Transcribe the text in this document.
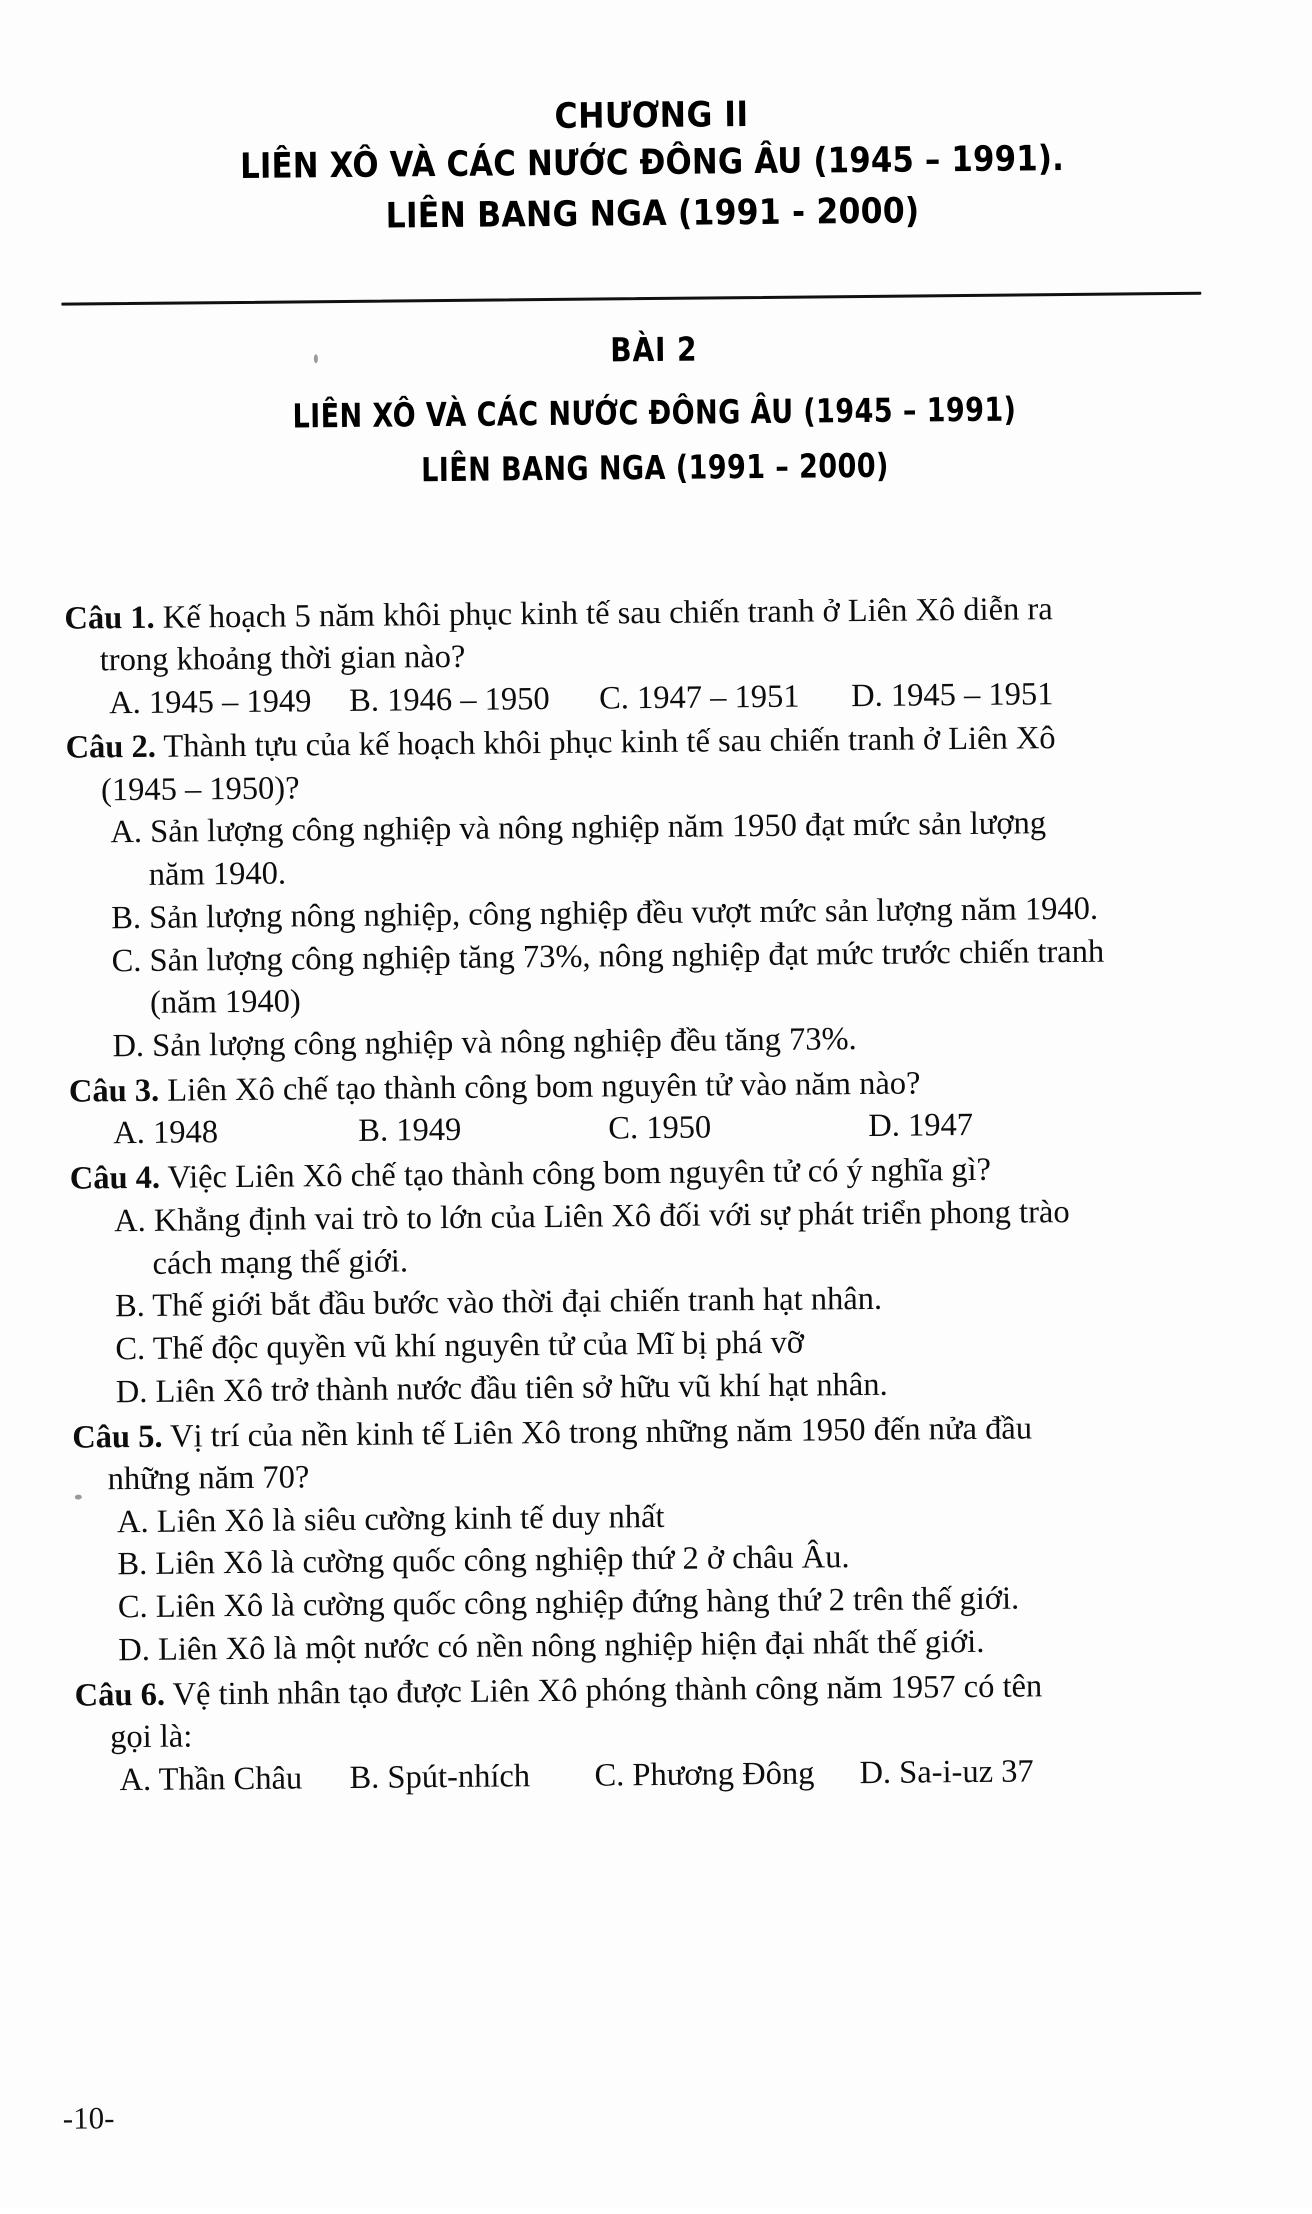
CHƯƠNG II
LIÊN XÔ VÀ CÁC NƯỚC ĐÔNG ÂU (1945 – 1991).
LIÊN BANG NGA (1991 - 2000)
BÀI 2
LIÊN XÔ VÀ CÁC NƯỚC ĐÔNG ÂU (1945 – 1991)
LIÊN BANG NGA (1991 – 2000)
Câu 1. Kế hoạch 5 năm khôi phục kinh tế sau chiến tranh ở Liên Xô diễn ra
trong khoảng thời gian nào?
A. 1945 – 1949 B. 1946 – 1950 C. 1947 – 1951 D. 1945 – 1951
Câu 2. Thành tựu của kế hoạch khôi phục kinh tế sau chiến tranh ở Liên Xô
(1945 – 1950)?
A. Sản lượng công nghiệp và nông nghiệp năm 1950 đạt mức sản lượng
năm 1940.
B. Sản lượng nông nghiệp, công nghiệp đều vượt mức sản lượng năm 1940.
C. Sản lượng công nghiệp tăng 73%, nông nghiệp đạt mức trước chiến tranh
(năm 1940)
D. Sản lượng công nghiệp và nông nghiệp đều tăng 73%.
Câu 3. Liên Xô chế tạo thành công bom nguyên tử vào năm nào?
A. 1948	B. 1949	C. 1950	D. 1947
Câu 4. Việc Liên Xô chế tạo thành công bom nguyên tử có ý nghĩa gì?
A. Khẳng định vai trò to lớn của Liên Xô đối với sự phát triển phong trào
cách mạng thế giới.
B. Thế giới bắt đầu bước vào thời đại chiến tranh hạt nhân.
C. Thế độc quyền vũ khí nguyên tử của Mĩ bị phá vỡ
D. Liên Xô trở thành nước đầu tiên sở hữu vũ khí hạt nhân.
Câu 5. Vị trí của nền kinh tế Liên Xô trong những năm 1950 đến nửa đầu
những năm 70?
A. Liên Xô là siêu cường kinh tế duy nhất
B. Liên Xô là cường quốc công nghiệp thứ 2 ở châu Âu.
C. Liên Xô là cường quốc công nghiệp đứng hàng thứ 2 trên thế giới.
D. Liên Xô là một nước có nền nông nghiệp hiện đại nhất thế giới.
Câu 6. Vệ tinh nhân tạo được Liên Xô phóng thành công năm 1957 có tên
gọi là:
A. Thần Châu B. Spút-nhích C. Phương Đông D. Sa-i-uz 37
-10-
